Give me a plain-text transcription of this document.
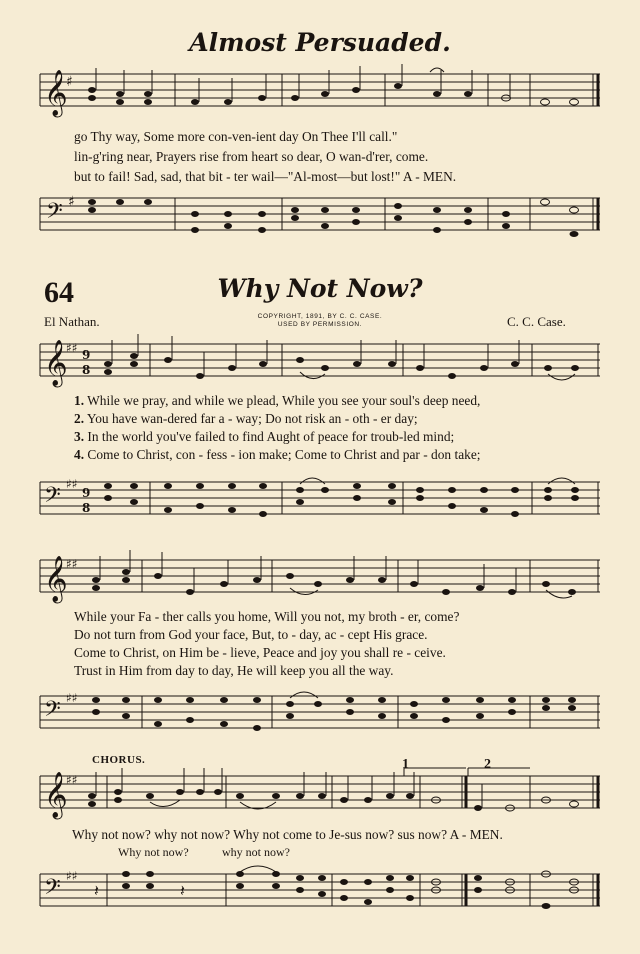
Almost Persuaded.
𝄞
♯
go Thy way, Some more con-ven-ient day On Thee I'll call."
lin-g'ring near, Prayers rise from heart so dear, O wan-d'rer, come.
but to fail! Sad, sad, that bit - ter wail—"Al-most—but lost!" A - MEN.
𝄢 ♯
64	Why Not Now?
El Nathan.	COPYRIGHT, 1891, BY C. C. CASE.
USED BY PERMISSION.	C. C. Case.
𝄞
♯♯ 9
8
1. While we pray, and while we plead, While you see your soul's deep need,
2. You have wan-dered far a - way; Do not risk an - oth - er day;
3. In the world you've failed to find Aught of peace for troub-led mind;
4. Come to Christ, con - fess - ion make; Come to Christ and par - don take;
𝄢 ♯♯
9
8
𝄞
♯♯
While your Fa - ther calls you home, Will you not, my broth - er, come?
Do not turn from God your face, But, to - day, ac - cept His grace.
Come to Christ, on Him be - lieve, Peace and joy you shall re - ceive.
Trust in Him from day to day, He will keep you all the way.
𝄢 ♯♯
CHORUS.	1	2
𝄞
♯♯
Why not now? why not now? Why not come to Je-sus now? sus now? A - MEN.
Why not now?	why not now?
𝄢 ♯♯
𝄽	𝄽
